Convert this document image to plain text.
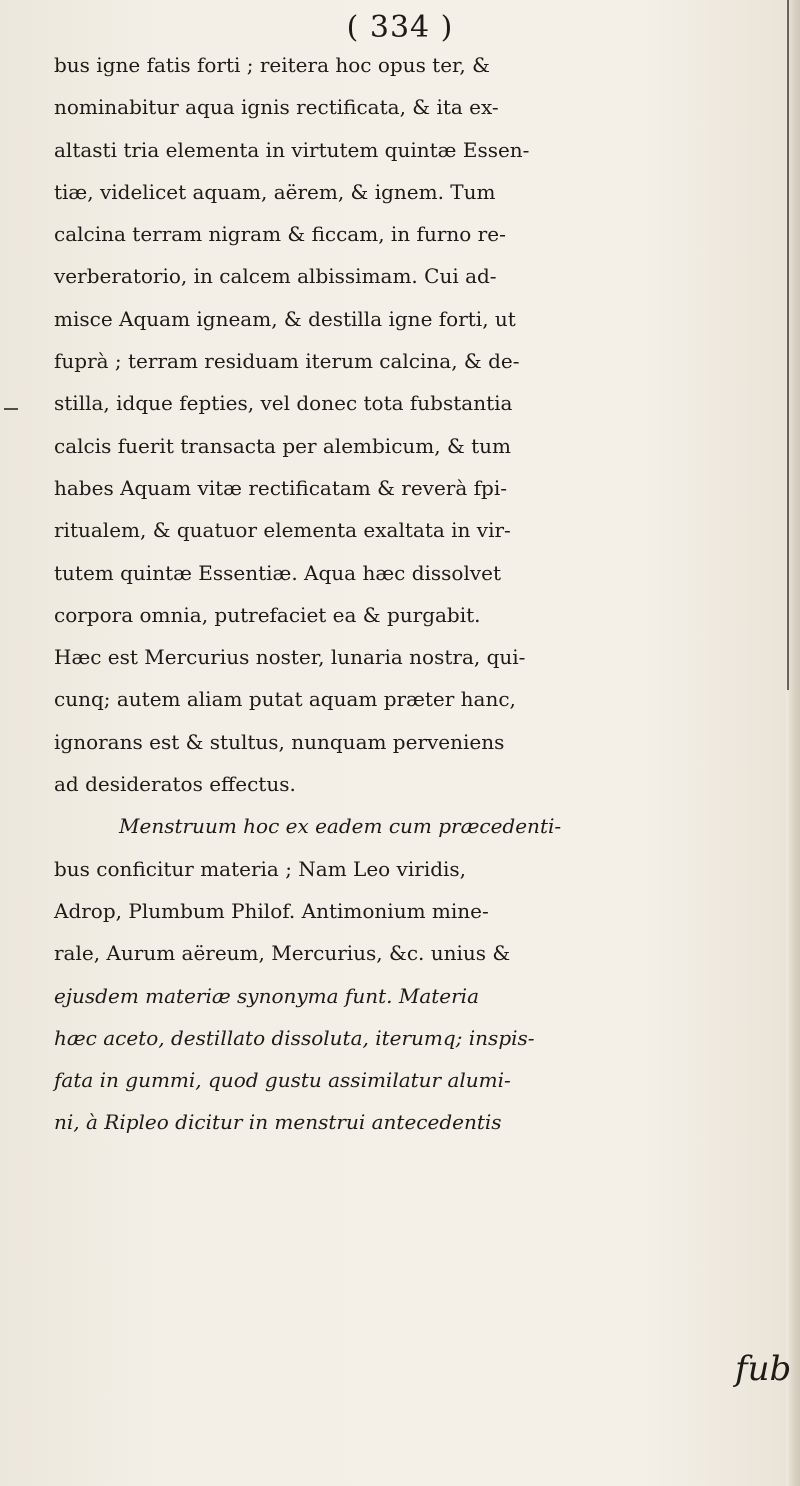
( 334 )
bus igne fatis forti ; reitera hoc opus ter, &
nominabitur aqua ignis rectificata, & ita ex-
altasti tria elementa in virtutem quintæ Essen-
tiæ, videlicet aquam, aërem, & ignem. Tum
calcina terram nigram & ficcam, in furno re-
verberatorio, in calcem albissimam. Cui ad-
misce Aquam igneam, & destilla igne forti, ut
fuprà ; terram residuam iterum calcina, & de-
stilla, idque fepties, vel donec tota fubstantia
calcis fuerit transacta per alembicum, & tum
habes Aquam vitæ rectificatam & reverà fpi-
ritualem, & quatuor elementa exaltata in vir-
tutem quintæ Essentiæ. Aqua hæc dissolvet
corpora omnia, putrefaciet ea & purgabit.
Hæc est Mercurius noster, lunaria nostra, qui-
cunq; autem aliam putat aquam præter hanc,
ignorans est & stultus, nunquam perveniens
ad desideratos effectus.
Menstruum hoc ex eadem cum præcedenti-
bus conficitur materia ; Nam Leo viridis,
Adrop, Plumbum Philof. Antimonium mine-
rale, Aurum aëreum, Mercurius, &c. unius &
ejusdem materiæ synonyma funt. Materia
hæc aceto, destillato dissoluta, iterumq; inspis-
fata in gummi, quod gustu assimilatur alumi-
ni, à Ripleo dicitur in menstrui antecedentis
fub
